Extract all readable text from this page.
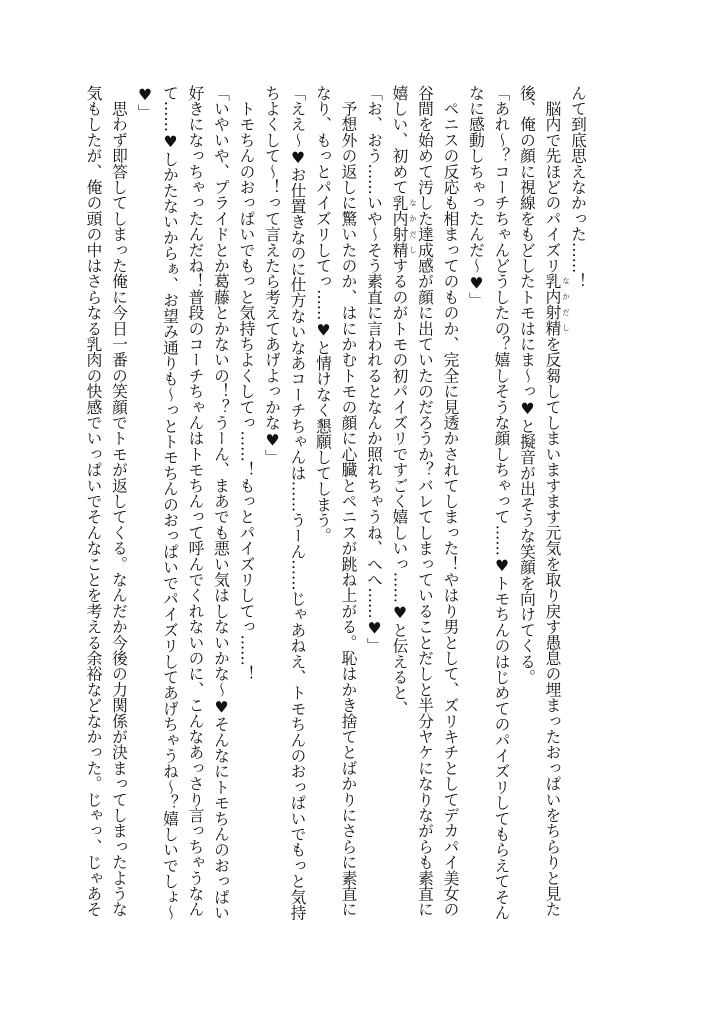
んて到底思えなかった……！
　脳内で先ほどのパイズリ乳内射精 なかだし
を反芻してしまいますます元気を取り戻す愚息の埋まったおっぱいをちらりと見た
後、俺の顔に視線をもどしたトモはにま〜っ♥と擬音が出そうな笑顔を向けてくる。
「あれ〜？コーチちゃんどうしたの？嬉しそうな顔しちゃって……♥トモちんのはじめてのパイズリしてもらえてそん
なに感動しちゃったんだ〜♥」
　ペニスの反応も相まってのものか、完全に見透かされてしまった！やはり男として、ズリキチとしてデカパイ美女の
谷間を始めて汚した達成感が顔に出ていたのだろうか？バレてしまっていることだしと半分ヤケになりながらも素直に
嬉しい、初めて乳内射精 なかだし
するのがトモの初パイズリですごく嬉しいっ……♥と伝えると、
「お、おう……いや〜そう素直に言われるとなんか照れちゃうね、へへ……♥」
　予想外の返しに驚いたのか、はにかむトモの顔に心臓とペニスが跳ね上がる。恥はかき捨てとばかりにさらに素直に
なり、もっとパイズリしてっ……♥と情けなく懇願してしまう。
「ええ〜♥お仕置きなのに仕方ないなあコーチちゃんは……うーん……じゃあねえ、トモちんのおっぱいでもっと気持
ちよくして〜！って言えたら考えてあげよっかな♥」
　トモちんのおっぱいでもっと気持ちよくしてっ……！もっとパイズリしてっ……！
「いやいや、プライドとか葛藤とかないの！？うーん、まあでも悪い気はしないかな〜♥そんなにトモちんのおっぱい
好きになっちゃったんだね！普段のコーチちゃんはトモちんって呼んでくれないのに、こんなあっさり言っちゃうなん
て……♥しかたないからぁ、お望み通りも〜っとトモちんのおっぱいでパイズリしてあげちゃうね〜？嬉しいでしょ〜
♥」
　思わず即答してしまった俺に今日一番の笑顔でトモが返してくる。なんだか今後の力関係が決まってしまったような
気もしたが、俺の頭の中はさらなる乳肉の快感でいっぱいでそんなことを考える余裕などなかった。じゃっ、じゃあそ
